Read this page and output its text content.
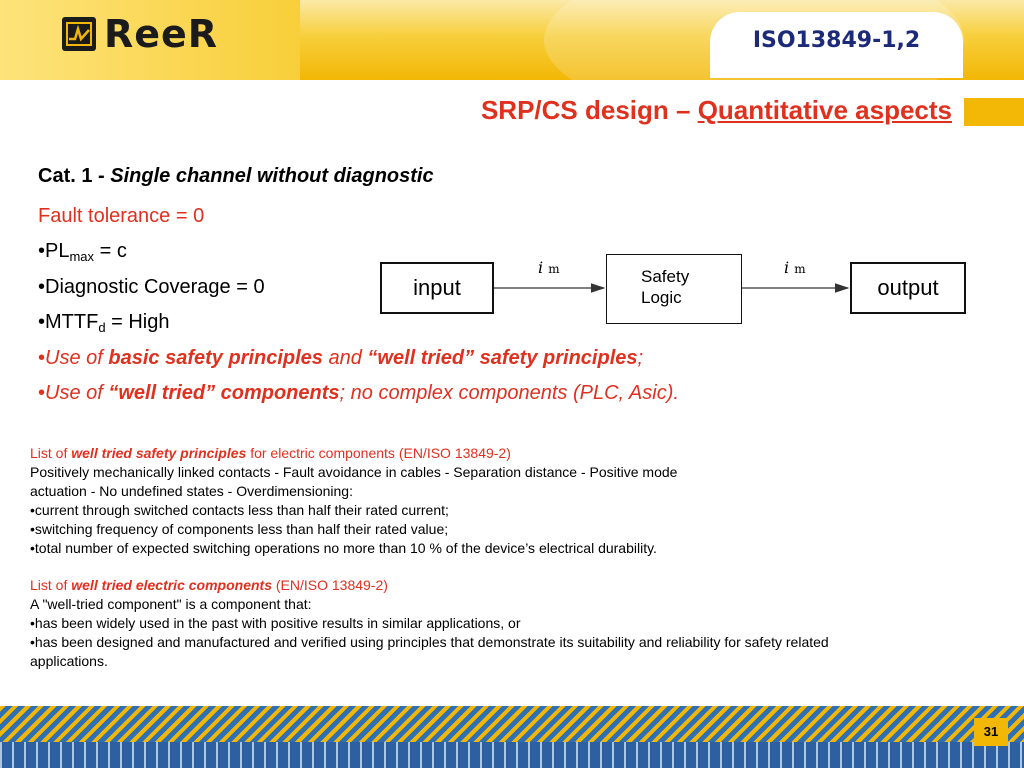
ReeR	ISO13849-1,2
SRP/CS design – Quantitative aspects
Cat. 1 - Single channel without diagnostic
Fault tolerance = 0
$•PL_{max} = c$
•Diagnostic Coverage = 0
$•MTTF_d$ = High
•Use of basic safety principles and “well tried” safety principles;
•Use of “well tried” components; no complex components (PLC, Asic).
input	Safety
Logic	output
i m	i m
List of well tried safety principles for electric components (EN/ISO 13849-2)
Positively mechanically linked contacts - Fault avoidance in cables - Separation distance - Positive mode
actuation - No undefined states - Overdimensioning:
•current through switched contacts less than half their rated current;
•switching frequency of components less than half their rated value;
•total number of expected switching operations no more than 10 % of the device’s electrical durability.
List of well tried electric components (EN/ISO 13849-2)
A "well-tried component" is a component that:
•has been widely used in the past with positive results in similar applications, or
•has been designed and manufactured and verified using principles that demonstrate its suitability and reliability for safety related
applications.
31
